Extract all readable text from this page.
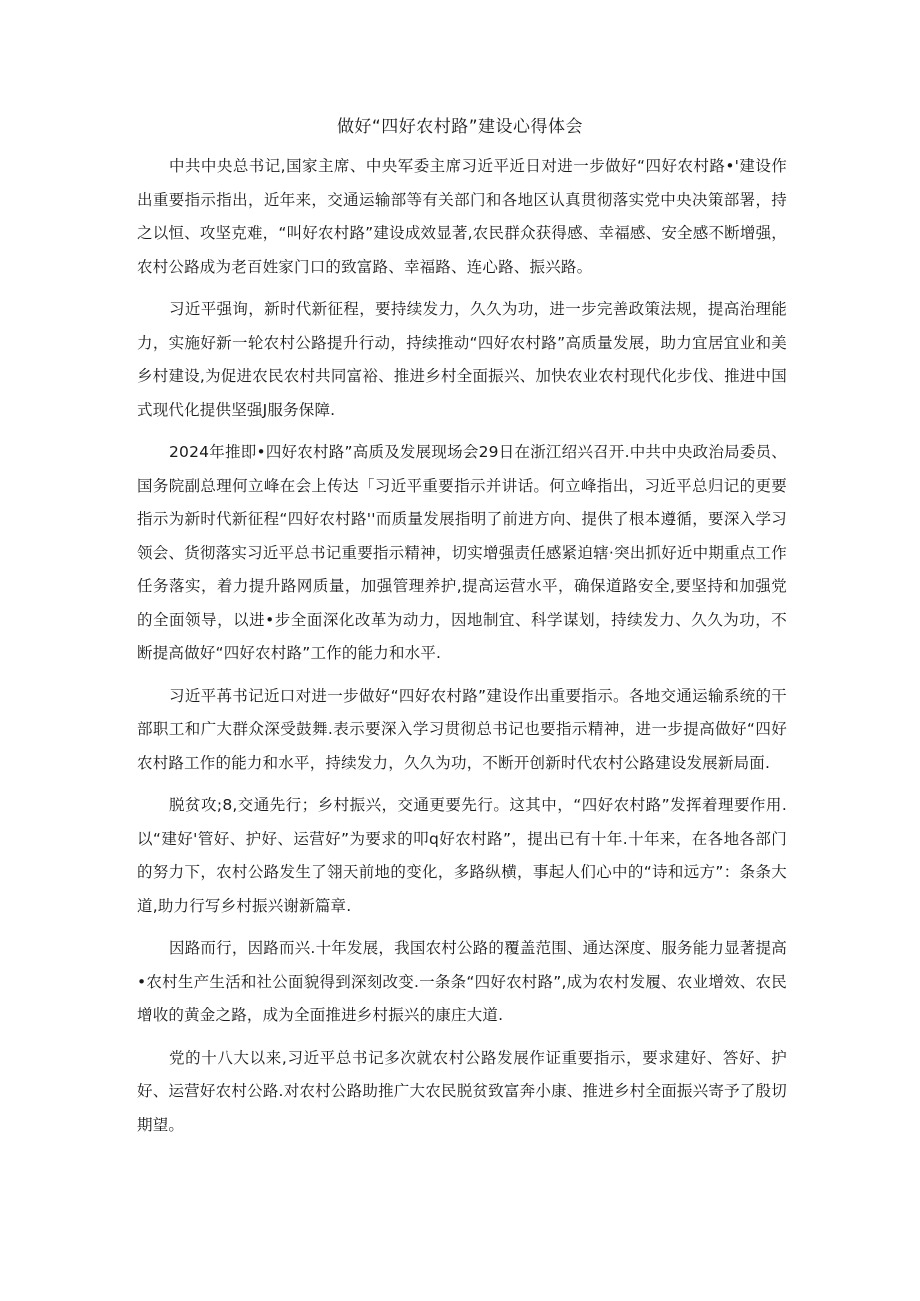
做好“四好农村路”建设心得体会

中共中央总书记,国家主席、中央军委主席习近平近日对进一步做好“四好农村路•'建设作出重要指示指出，近年来，交通运输部等有关部门和各地区认真贯彻落实党中央决策部署，持之以恒、攻坚克难，“叫好农村路”建设成效显著,农民群众获得感、幸福感、安全感不断增强，农村公路成为老百姓家门口的致富路、幸福路、连心路、振兴路。

习近平强询，新时代新征程，要持续发力，久久为功，进一步完善政策法规，提高治理能力，实施好新一轮农村公路提升行动，持续推动“四好农村路”高质量发展，助力宜居宜业和美乡村建设,为促进农民农村共同富裕、推进乡村全面振兴、加快农业农村现代化步伐、推进中国式现代化提供坚强J服务保障.

2024年推即•四好农村路”高质及发展现场会29日在浙江绍兴召开.中共中央政治局委员、国务院副总理何立峰在会上传达「习近平重要指示并讲话。何立峰指出，习近平总归记的更要指示为新时代新征程“四好农村路''而质量发展指明了前进方向、提供了根本遵循，要深入学习领会、货彻落实习近平总书记重要指示精神，切实增强责任感紧迫辖·突出抓好近中期重点工作任务落实，着力提升路网质量，加强管理养护,提高运营水平，确保道路安全,要坚持和加强党的全面领导，以进•步全面深化改革为动力，因地制宜、科学谋划，持续发力、久久为功，不断提高做好“四好农村路”工作的能力和水平.

习近平苒书记近口对进一步做好“四好农村路”建设作出重要指示。各地交通运输系统的干部职工和广大群众深受鼓舞.表示要深入学习贯彻总书记也要指示精神，进一步提高做好“四好农村路工作的能力和水平，持续发力，久久为功，不断开创新时代农村公路建设发展新局面.

脱贫攻;8,交通先行；乡村振兴，交通更要先行。这其中，“四好农村路”发挥着理要作用.以“建好'管好、护好、运营好”为要求的叩q好农村路”，提出已有十年.十年来，在各地各部门的努力下，农村公路发生了翎天前地的变化，多路纵横，事起人们心中的“诗和远方”：条条大道,助力行写乡村振兴谢新篇章.

因路而行，因路而兴.十年发展，我国农村公路的覆盖范围、通达深度、服务能力显著提高•农村生产生活和社公面貌得到深刻改变.一条条“四好农村路”,成为农村发履、农业增效、农民增收的黄金之路，成为全面推进乡村振兴的康庄大道.

党的十八大以来,习近平总书记多次就农村公路发展作证重要指示，要求建好、答好、护好、运营好农村公路.对农村公路助推广大农民脱贫致富奔小康、推进乡村全面振兴寄予了殷切期望。
